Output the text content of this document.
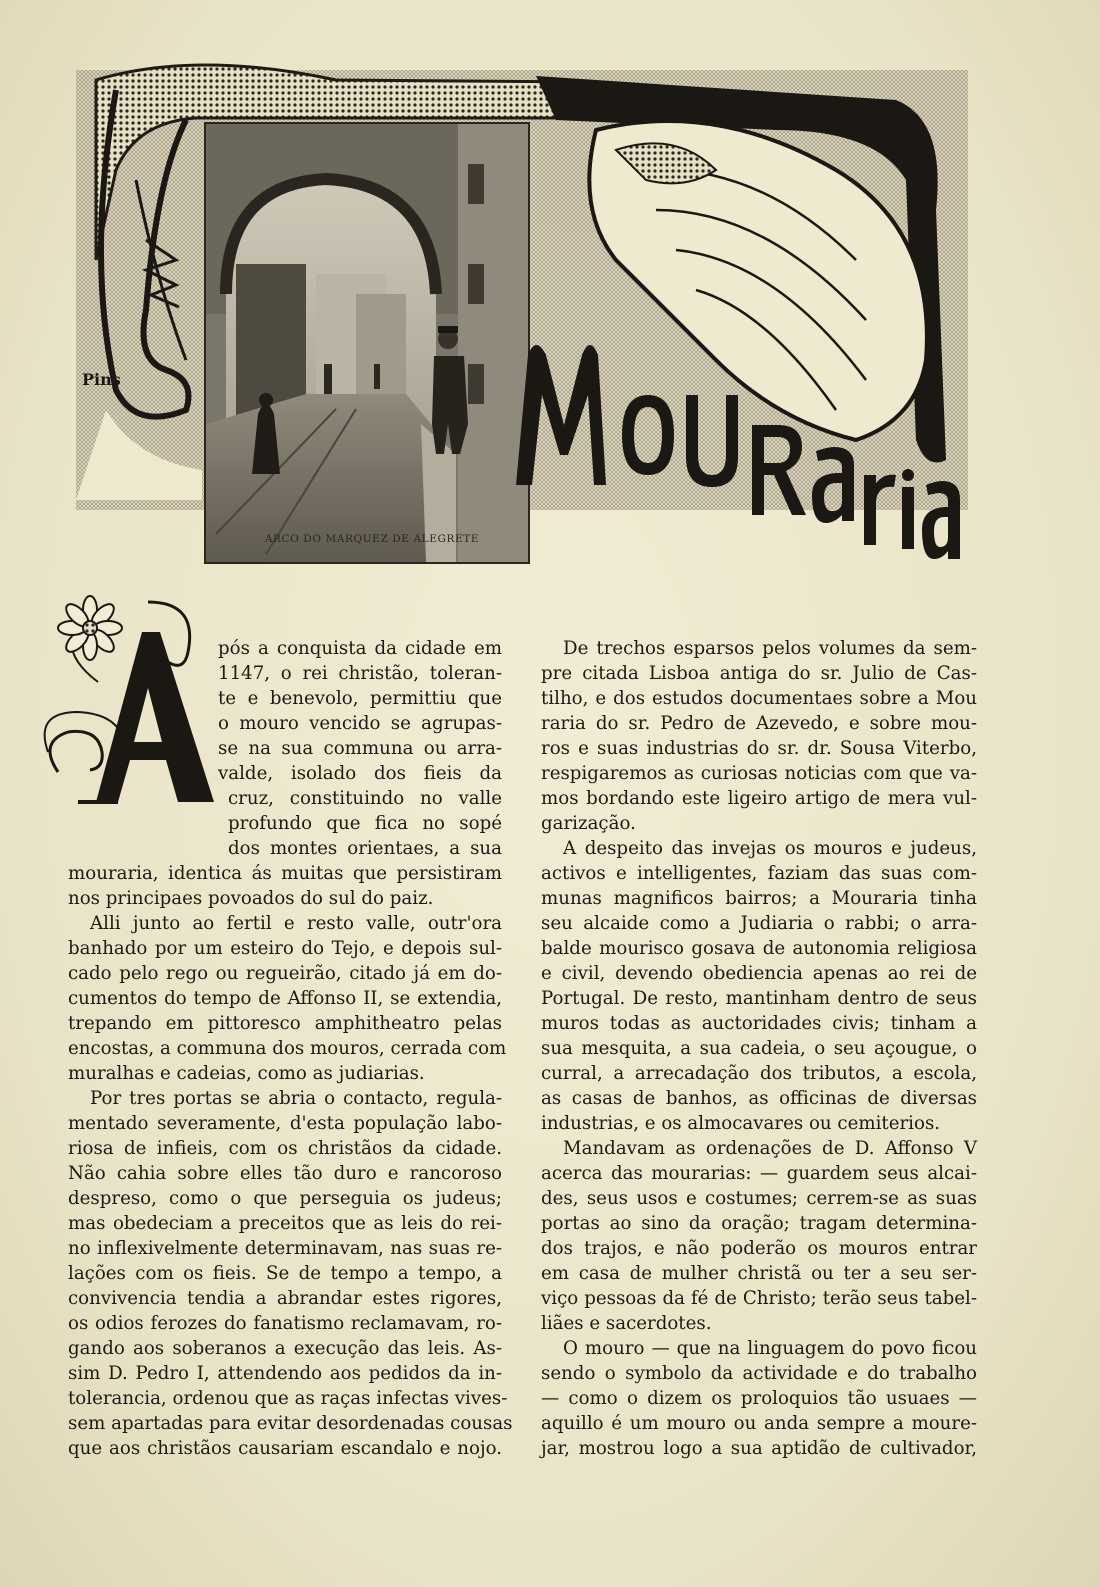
Pins
ARCO DO MARQUEZ DE ALEGRETE
A
pós a conquista da cidade em
1147, o rei christão, toleran-
te e benevolo, permittiu que
o mouro vencido se agrupas-
se na sua communa ou arra-
valde, isolado dos fieis da
cruz, constituindo no valle
profundo que fica no sopé
dos montes orientaes, a sua
mouraria, identica ás muitas que persistiram
nos principaes povoados do sul do paiz.
Alli junto ao fertil e resto valle, outr'ora
banhado por um esteiro do Tejo, e depois sul-
cado pelo rego ou regueirão, citado já em do-
cumentos do tempo de Affonso II, se extendia,
trepando em pittoresco amphitheatro pelas
encostas, a communa dos mouros, cerrada com
muralhas e cadeias, como as judiarias.
Por tres portas se abria o contacto, regula-
mentado severamente, d'esta população labo-
riosa de infieis, com os christãos da cidade.
Não cahia sobre elles tão duro e rancoroso
despreso, como o que perseguia os judeus;
mas obedeciam a preceitos que as leis do rei-
no inflexivelmente determinavam, nas suas re-
lações com os fieis. Se de tempo a tempo, a
convivencia tendia a abrandar estes rigores,
os odios ferozes do fanatismo reclamavam, ro-
gando aos soberanos a execução das leis. As-
sim D. Pedro I, attendendo aos pedidos da in-
tolerancia, ordenou que as raças infectas vives-
sem apartadas para evitar desordenadas cousas
que aos christãos causariam escandalo e nojo.
De trechos esparsos pelos volumes da sem-
pre citada Lisboa antiga do sr. Julio de Cas-
tilho, e dos estudos documentaes sobre a Mou
raria do sr. Pedro de Azevedo, e sobre mou-
ros e suas industrias do sr. dr. Sousa Viterbo,
respigaremos as curiosas noticias com que va-
mos bordando este ligeiro artigo de mera vul-
garização.
A despeito das invejas os mouros e judeus,
activos e intelligentes, faziam das suas com-
munas magnificos bairros; a Mouraria tinha
seu alcaide como a Judiaria o rabbi; o arra-
balde mourisco gosava de autonomia religiosa
e civil, devendo obediencia apenas ao rei de
Portugal. De resto, mantinham dentro de seus
muros todas as auctoridades civis; tinham a
sua mesquita, a sua cadeia, o seu açougue, o
curral, a arrecadação dos tributos, a escola,
as casas de banhos, as officinas de diversas
industrias, e os almocavares ou cemiterios.
Mandavam as ordenações de D. Affonso V
acerca das mourarias: — guardem seus alcai-
des, seus usos e costumes; cerrem-se as suas
portas ao sino da oração; tragam determina-
dos trajos, e não poderão os mouros entrar
em casa de mulher christã ou ter a seu ser-
viço pessoas da fé de Christo; terão seus tabel-
liães e sacerdotes.
O mouro — que na linguagem do povo ficou
sendo o symbolo da actividade e do trabalho
— como o dizem os proloquios tão usuaes —
aquillo é um mouro ou anda sempre a moure-
jar, mostrou logo a sua aptidão de cultivador,
